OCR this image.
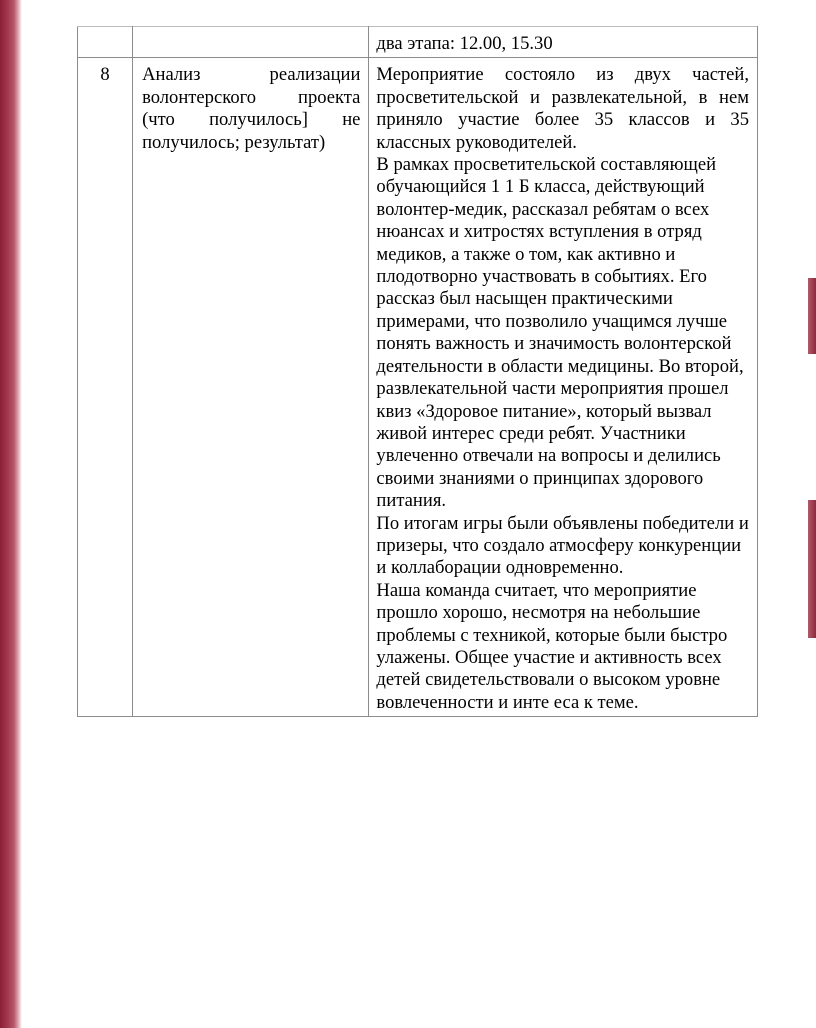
		два этапа: 12.00, 15.30
8	Анализ реализации волонтерского проекта (что получилось] не получилось; результат)	Мероприятие состояло из двух частей, просветительской и развлекательной, в нем приняло участие более 35 классов и 35 классных руководителей.

В рамках просветительской составляющей обучающийся 1 1 Б класса, действующий волонтер-медик, рассказал ребятам о всех нюансах и хитростях вступления в отряд медиков, а также о том, как активно и плодотворно участвовать в событиях. Его рассказ был насыщен практическими примерами, что позволило учащимся лучше понять важность и значимость волонтерской деятельности в области медицины. Во второй, развлекательной части мероприятия прошел квиз «Здоровое питание», который вызвал живой интерес среди ребят. Участники увлеченно отвечали на вопросы и делились своими знаниями о принципах здорового питания.

По итогам игры были объявлены победители и призеры, что создало атмосферу конкуренции и коллаборации одновременно.

Наша команда считает, что мероприятие прошло хорошо, несмотря на небольшие проблемы с техникой, которые были быстро улажены. Общее участие и активность всех детей свидетельствовали о высоком уровне вовлеченности и инте еса к теме.
